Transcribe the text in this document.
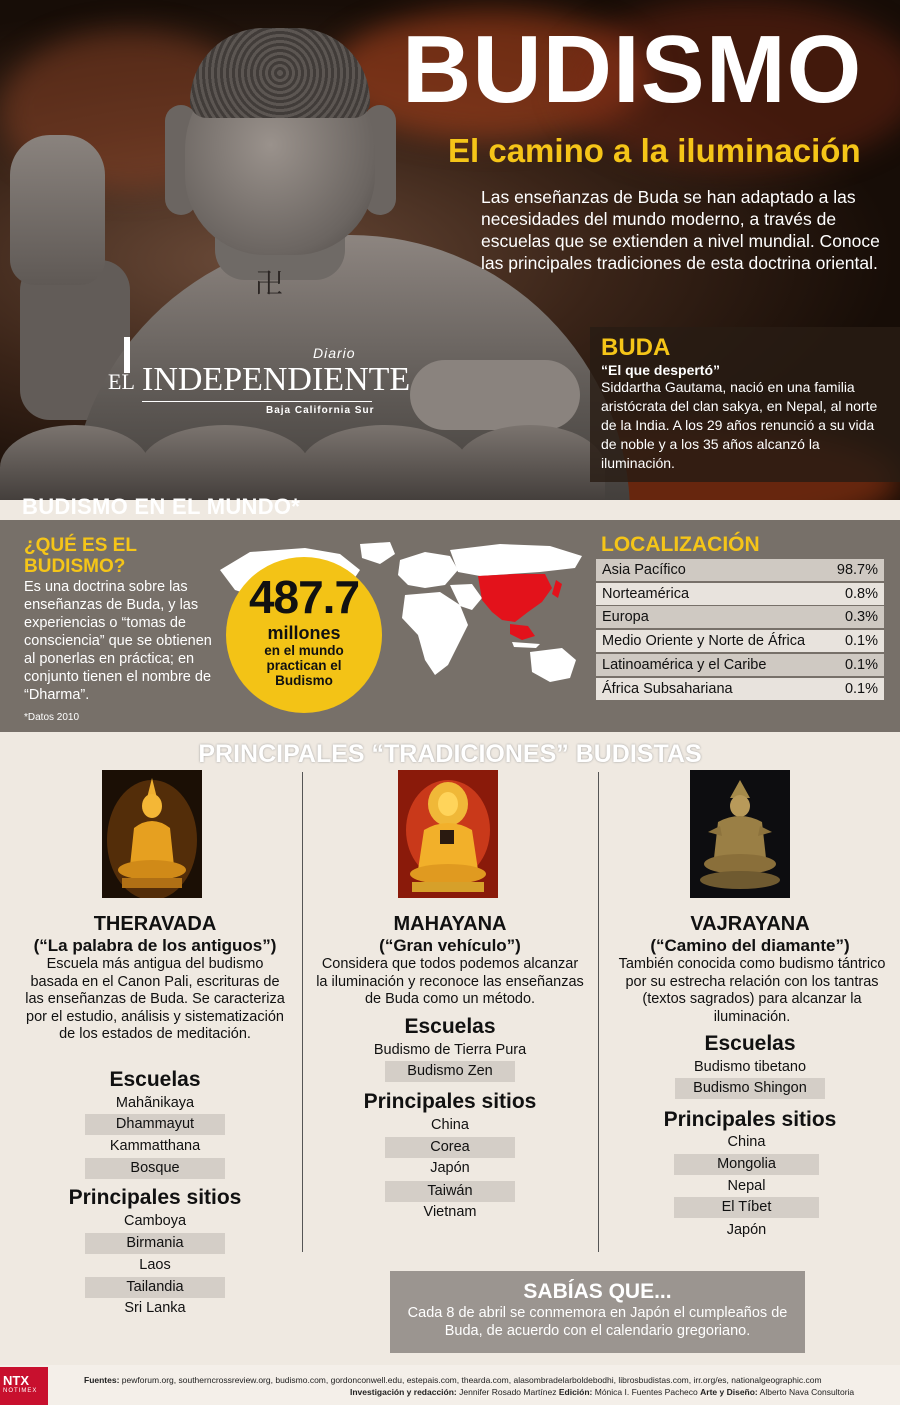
卍
BUDISMO
El camino a la iluminación
Las enseñanzas de Buda se han adaptado a las necesidades del mundo moderno, a través de escuelas que se extienden a nivel mundial. Conoce las principales tradiciones de esta doctrina oriental.
EL INDEPENDIENTE
Diario
Baja California Sur
BUDA
“El que despertó”
Siddartha Gautama, nació en una familia aristócrata del clan sakya, en Nepal, al norte de la India. A los 29 años renunció a su vida de noble y a los 35 años alcanzó la iluminación.
BUDISMO EN EL MUNDO*
¿QUÉ ES EL BUDISMO?
Es una doctrina sobre las enseñanzas de Buda, y las experiencias o “tomas de consciencia” que se obtienen al ponerlas en práctica; en conjunto tienen el nombre de “Dharma”.
*Datos 2010
487.7
millones
en el mundo practican el Budismo
LOCALIZACIÓN
Asia Pacífico	98.7%
Norteamérica	0.8%
Europa	0.3%
Medio Oriente y Norte de África	0.1%
Latinoamérica y el Caribe	0.1%
África Subsahariana	0.1%
PRINCIPALES “TRADICIONES” BUDISTAS
THERAVADA
(“La palabra de los antiguos”)
Escuela más antigua del budismo basada en el Canon Pali, escrituras de las enseñanzas de Buda. Se caracteriza por el estudio, análisis y sistematización de los estados de meditación.
Escuelas
Mahãnikaya
Dhammayut
Kammatthana
Bosque
Principales sitios
Camboya
Birmania
Laos
Tailandia
Sri Lanka
MAHAYANA
(“Gran vehículo”)
Considera que todos podemos alcanzar la iluminación y reconoce las enseñanzas de Buda como un método.
Escuelas
Budismo de Tierra Pura
Budismo Zen
Principales sitios
China
Corea
Japón
Taiwán
Vietnam
VAJRAYANA
(“Camino del diamante”)
También conocida como budismo tántrico por su estrecha relación con los tantras (textos sagrados) para alcanzar la iluminación.
Escuelas
Budismo tibetano
Budismo Shingon
Principales sitios
China
Mongolia
Nepal
El Tíbet
Japón
SABÍAS QUE...
Cada 8 de abril se conmemora en Japón el cumpleaños de Buda, de acuerdo con el calendario gregoriano.
NTX
NOTIMEX
Fuentes: pewforum.org, southerncrossreview.org, budismo.com, gordonconwell.edu, estepais.com, thearda.com, alasombradelarboldebodhi, librosbudistas.com, irr.org/es, nationalgeographic.com
Investigación y redacción: Jennifer Rosado Martínez Edición: Mónica I. Fuentes Pacheco Arte y Diseño: Alberto Nava Consultoria
